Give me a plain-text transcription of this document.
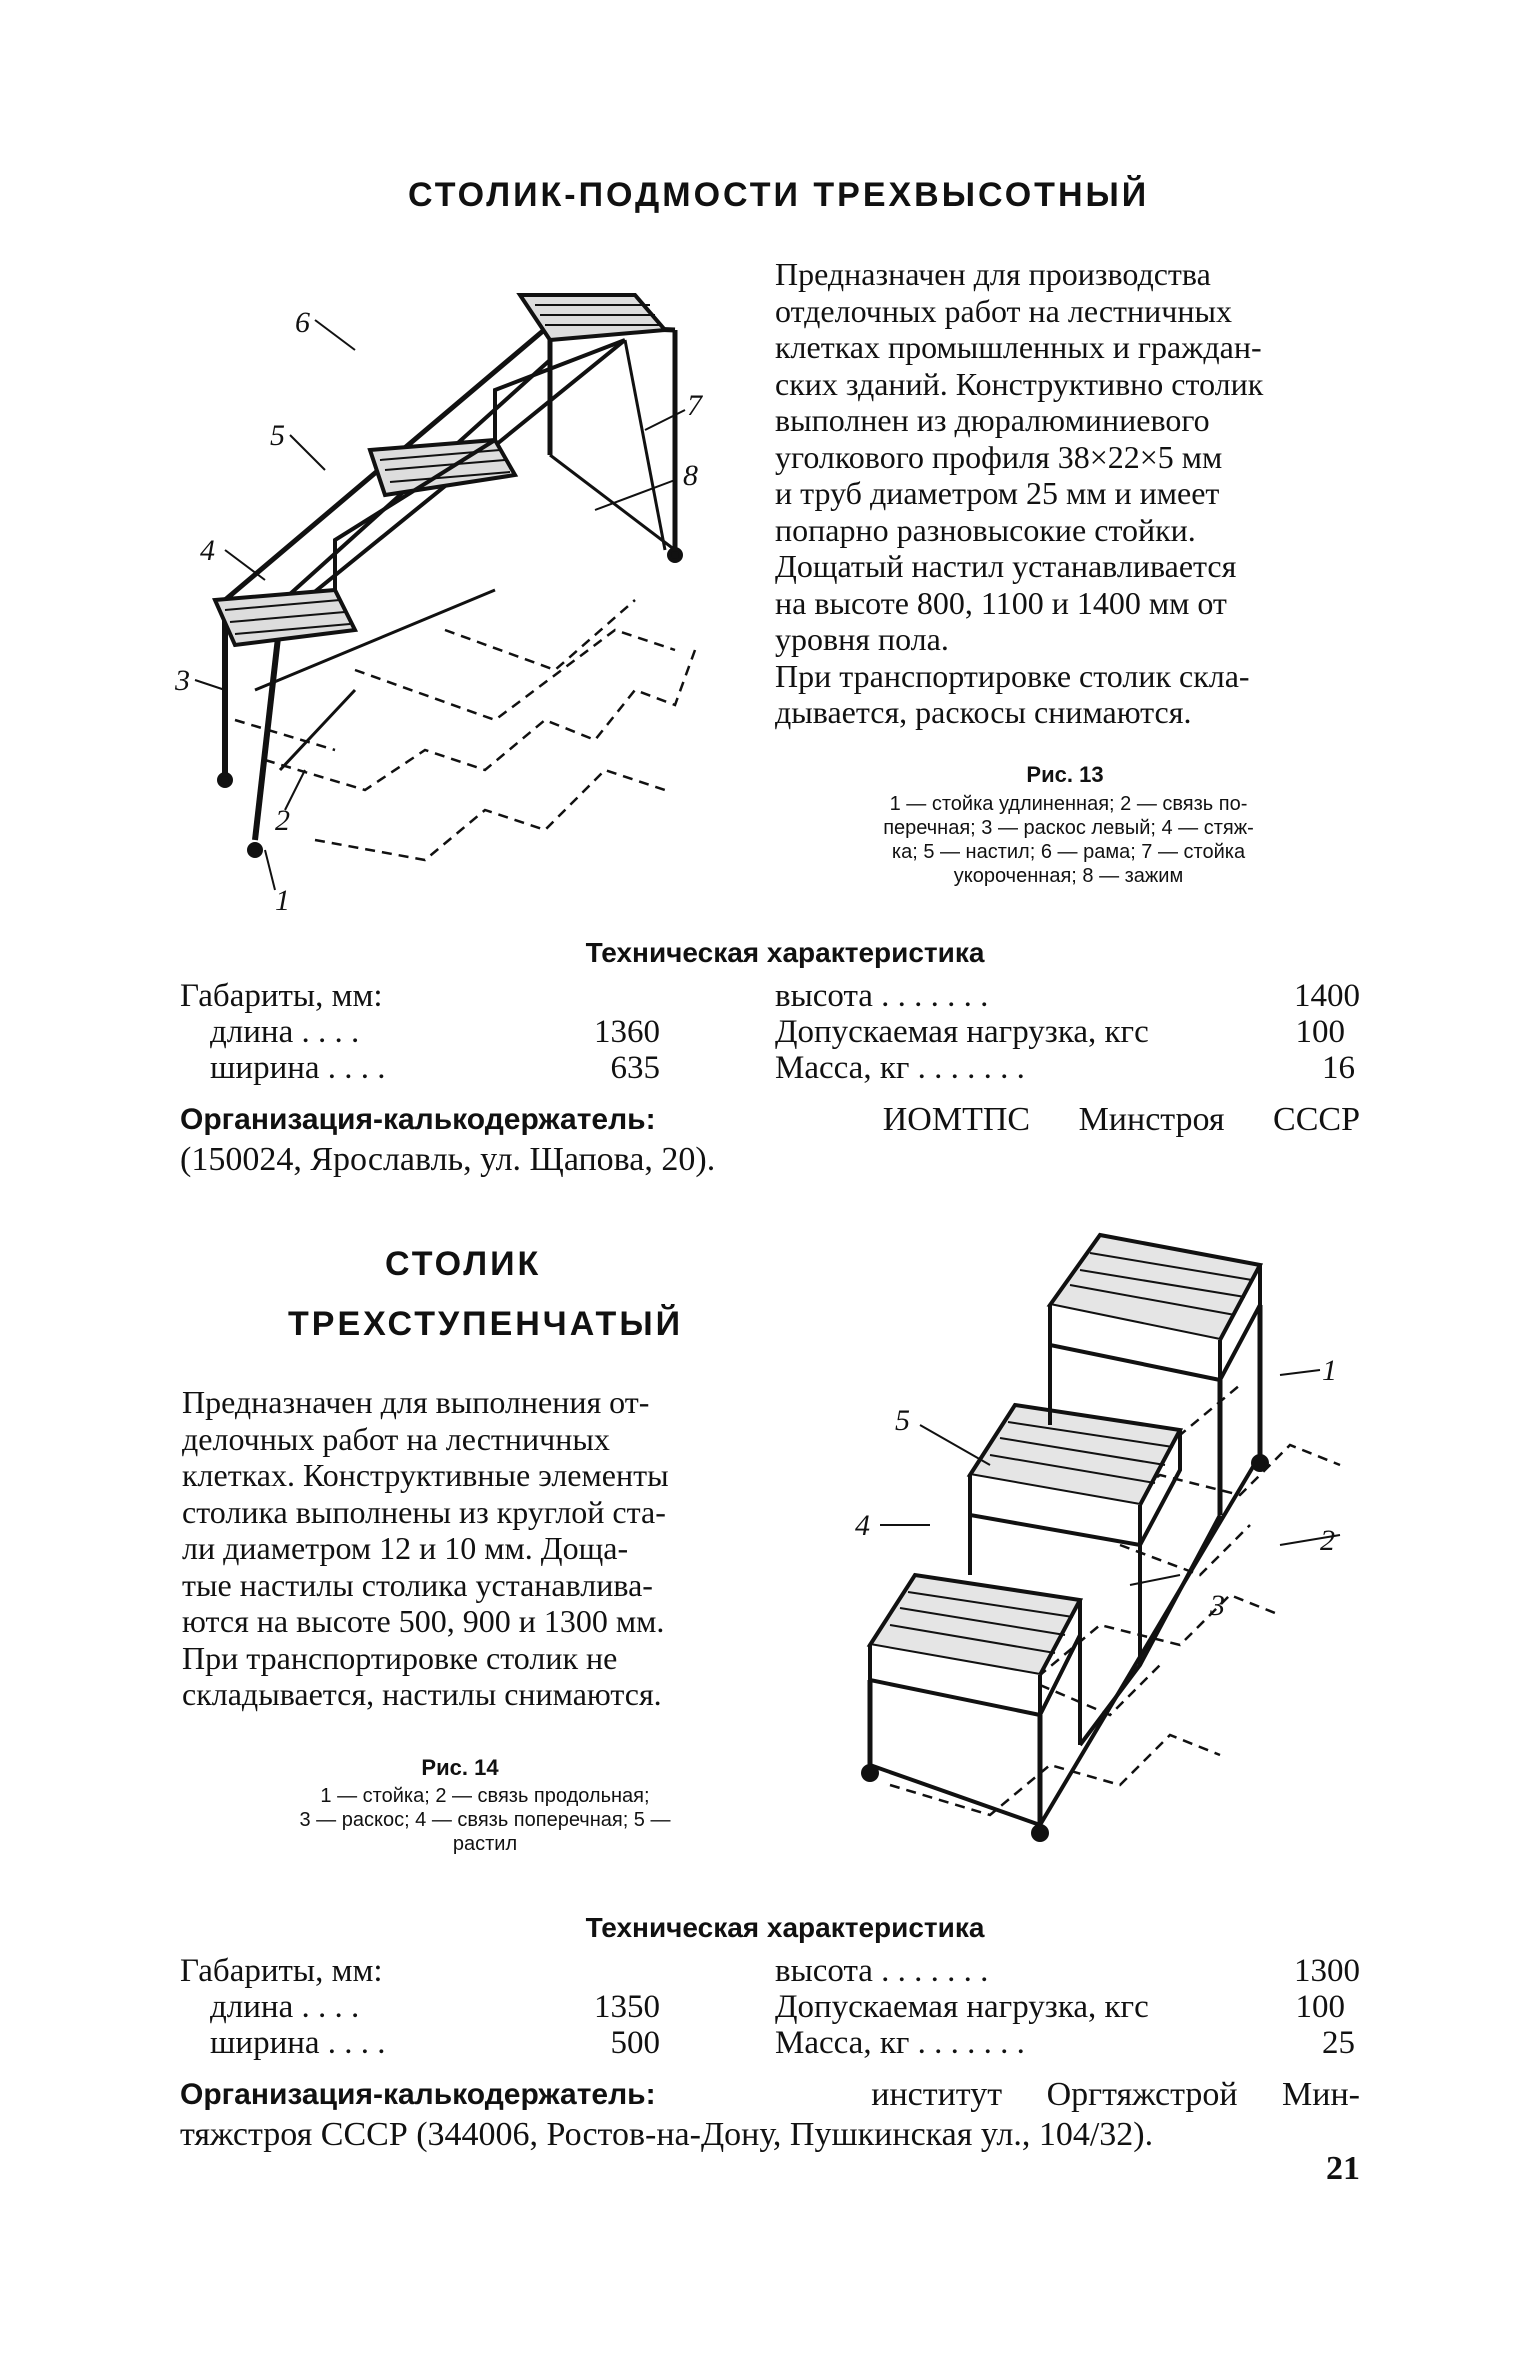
СТОЛИК-ПОДМОСТИ ТРЕХВЫСОТНЫЙ
6
5
4
3
2
1
7
8
Предназначен для производства
отделочных работ на лестничных
клетках промышленных и граждан-
ских зданий. Конструктивно столик
выполнен из дюралюминиевого
уголкового профиля 38×22×5 мм
и труб диаметром 25 мм и имеет
попарно разновысокие стойки.
Дощатый настил устанавливается
на высоте 800, 1100 и 1400 мм от
уровня пола.
При транспортировке столик скла-
дывается, раскосы снимаются.
Рис. 13
1 — стойка удлиненная; 2 — связь по-
перечная; 3 — раскос левый; 4 — стяж-
ка; 5 — настил; 6 — рама; 7 — стойка
укороченная; 8 — зажим
Техническая характеристика
Габариты, мм:
длина . . . .	1360
ширина . . . .	635
высота . . . . . . .	1400
Допускаемая нагрузка, кгс	100
Масса, кг . . . . . . .	16
Организация-калькодержатель:	ИОМТПС Минстроя СССР
(150024, Ярославль, ул. Щапова, 20).
СТОЛИК
ТРЕХСТУПЕНЧАТЫЙ
Предназначен для выполнения от-
делочных работ на лестничных
клетках. Конструктивные элементы
столика выполнены из круглой ста-
ли диаметром 12 и 10 мм. Доща-
тые настилы столика устанавлива-
ются на высоте 500, 900 и 1300 мм.
При транспортировке столик не
складывается, настилы снимаются.
1
2
5
4
3
Рис. 14
1 — стойка; 2 — связь продольная;
3 — раскос; 4 — связь поперечная; 5 —
растил
Техническая характеристика
Габариты, мм:
длина . . . .	1350
ширина . . . .	500
высота . . . . . . .	1300
Допускаемая нагрузка, кгс	100
Масса, кг . . . . . . .	25
Организация-калькодержатель:	институт Оргтяжстрой Мин-
тяжстроя СССР (344006, Ростов-на-Дону, Пушкинская ул., 104/32).
21
